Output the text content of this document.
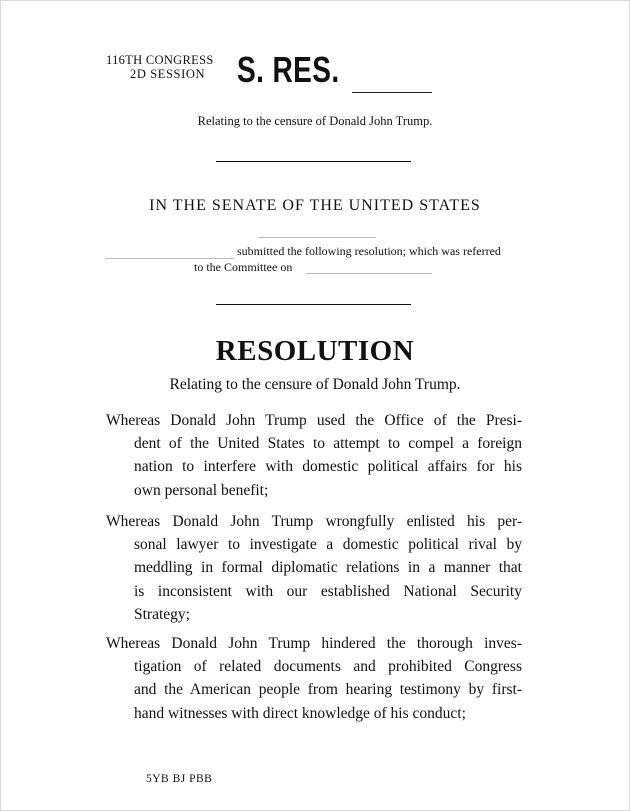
116TH CONGRESS
2D SESSION S. RES.
Relating to the censure of Donald John Trump.
IN THE SENATE OF THE UNITED STATES
submitted the following resolution; which was referred
to the Committee on
RESOLUTION
Relating to the censure of Donald John Trump.
Whereas Donald John Trump used the Office of the Presi-
dent of the United States to attempt to compel a foreign
nation to interfere with domestic political affairs for his
own personal benefit;
Whereas Donald John Trump wrongfully enlisted his per-
sonal lawyer to investigate a domestic political rival by
meddling in formal diplomatic relations in a manner that
is inconsistent with our established National Security
Strategy;
Whereas Donald John Trump hindered the thorough inves-
tigation of related documents and prohibited Congress
and the American people from hearing testimony by first-
hand witnesses with direct knowledge of his conduct;
5YB BJ PBB
